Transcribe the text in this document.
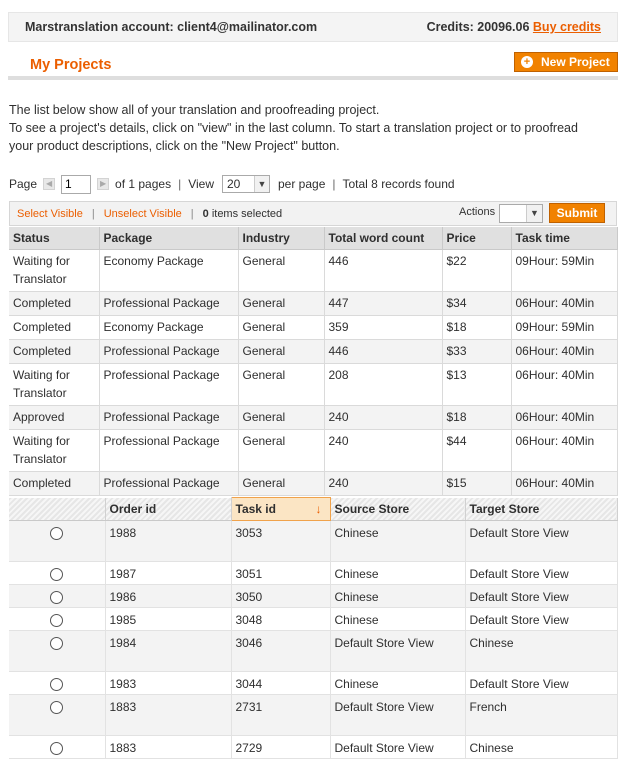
Marstranslation account: client4@mailinator.com	Credits: 20096.06 Buy credits
My Projects	+ New Project
The list below show all of your translation and proofreading project.
To see a project's details, click on "view" in the last column. To start a translation project or to proofread
your product descriptions, click on the "New Project" button.
Page	◀
1	▶ of 1 pages | View 20	▼ per page | Total 8 records found
Select Visible | Unselect Visible | 0
items selected	Actions	▼	Submit
Status	Package	Industry	Total word count	Price	Task time
Waiting for Translator	Economy Package	General	446	$22	09Hour: 59Min
Completed	Professional Package	General	447	$34	06Hour: 40Min
Completed	Economy Package	General	359	$18	09Hour: 59Min
Completed	Professional Package	General	446	$33	06Hour: 40Min
Waiting for Translator	Professional Package	General	208	$13	06Hour: 40Min
Approved	Professional Package	General	240	$18	06Hour: 40Min
Waiting for Translator	Professional Package	General	240	$44	06Hour: 40Min
Completed	Professional Package	General	240	$15	06Hour: 40Min
	Order id	Task id ↓	Source Store	Target Store

	1988	3053	Chinese	Default Store View

	1987	3051	Chinese	Default Store View

	1986	3050	Chinese	Default Store View

	1985	3048	Chinese	Default Store View

	1984	3046	Default Store View	Chinese

	1983	3044	Chinese	Default Store View

	1883	2731	Default Store View	French

	1883	2729	Default Store View	Chinese
